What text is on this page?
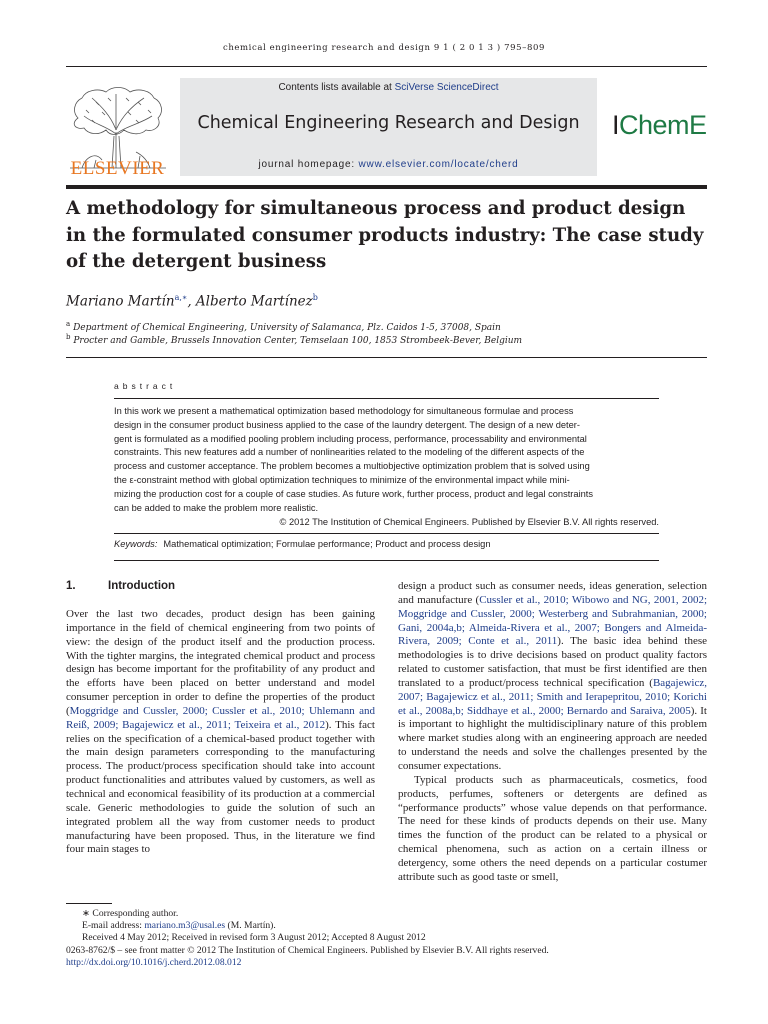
chemical engineering research and design 9 1 ( 2 0 1 3 ) 795–809
ELSEVIER
Contents lists available at SciVerse ScienceDirect
Chemical Engineering Research and Design
journal homepage: www.elsevier.com/locate/cherd
IChemE
A methodology for simultaneous process and product design in the formulated consumer products industry: The case study of the detergent business
Mariano Martín$^{a,∗}$, Alberto Martínez$^b$
$^a$ Department of Chemical Engineering, University of Salamanca, Plz. Caidos 1-5, 37008, Spain
$^b$ Procter and Gamble, Brussels Innovation Center, Temselaan 100, 1853 Strombeek-Bever, Belgium
abstract
In this work we present a mathematical optimization based methodology for simultaneous formulae and process
design in the consumer product business applied to the case of the laundry detergent. The design of a new deter-
gent is formulated as a modified pooling problem including process, performance, processability and environmental
constraints. This new features add a number of nonlinearities related to the modeling of the different aspects of the
process and customer acceptance. The problem becomes a multiobjective optimization problem that is solved using
the ε-constraint method with global optimization techniques to minimize of the environmental impact while mini-
mizing the production cost for a couple of case studies. As future work, further process, product and legal constraints
can be added to make the problem more realistic.
© 2012 The Institution of Chemical Engineers. Published by Elsevier B.V. All rights reserved.
Keywords: Mathematical optimization; Formulae performance; Product and process design
1.	Introduction

Over the last two decades, product design has been gaining importance in the field of chemical engineering from two points of view: the design of the product itself and the production process. With the tighter margins, the integrated chemical product and process design has become important for the profitability of any product and the efforts have been placed on better understand and model consumer perception in order to define the properties of the product (Moggridge and Cussler, 2000; Cussler et al., 2010; Uhlemann and Reiß, 2009; Bagajewicz et al., 2011; Teixeira et al., 2012). This fact relies on the specification of a chemical-based product together with the main design parameters corresponding to the manufacturing process. The product/process specification should take into account product functionalities and attributes valued by customers, as well as technical and economical feasibility of its production at a commercial scale. Generic methodologies to guide the solution of such an integrated problem all the way from customer needs to product manufacturing have been proposed. Thus, in the literature we find four main stages to

design a product such as consumer needs, ideas generation, selection and manufacture (Cussler et al., 2010; Wibowo and NG, 2001, 2002; Moggridge and Cussler, 2000; Westerberg and Subrahmanian, 2000; Gani, 2004a,b; Almeida-Rivera et al., 2007; Bongers and Almeida-Rivera, 2009; Conte et al., 2011). The basic idea behind these methodologies is to drive decisions based on product quality factors related to customer satisfaction, that must be first identified are then translated to a product/process technical specification (Bagajewicz, 2007; Bagajewicz et al., 2011; Smith and Ierapepritou, 2010; Korichi et al., 2008a,b; Siddhaye et al., 2000; Bernardo and Saraiva, 2005). It is important to highlight the multidisciplinary nature of this problem where market studies along with an engineering approach are needed to understand the needs and solve the challenges presented by the consumer expectations.

Typical products such as pharmaceuticals, cosmetics, food products, perfumes, softeners or detergents are defined as “performance products” whose value depends on that performance. The need for these kinds of products depends on their use. Many times the function of the product can be related to a physical or chemical phenomena, such as action on a certain illness or detergency, some others the need depends on a particular costumer attribute such as good taste or smell,

∗ Corresponding author.
E-mail address: mariano.m3@usal.es (M. Martín).
Received 4 May 2012; Received in revised form 3 August 2012; Accepted 8 August 2012
0263-8762/$ – see front matter © 2012 The Institution of Chemical Engineers. Published by Elsevier B.V. All rights reserved.
http://dx.doi.org/10.1016/j.cherd.2012.08.012
